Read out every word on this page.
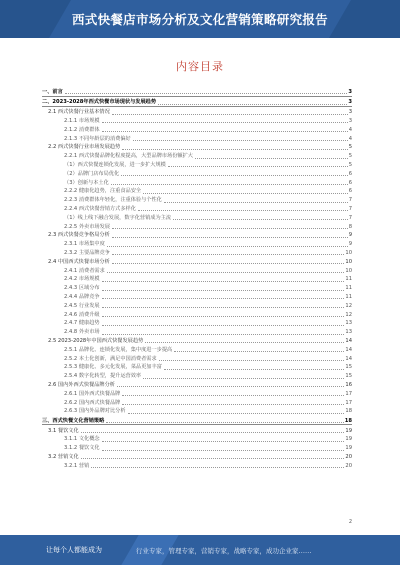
西式快餐店市场分析及文化营销策略研究报告
内容目录
一、前言	3
二、2023-2028年西式快餐市场现状与发展趋势	3
2.1 西式快餐行业基本情况	3
2.1.1 市场规模	3
2.1.2 消费群体	4
2.1.3 不同年龄层的消费偏好	4
2.2 西式快餐行业市场发展趋势	5
2.2.1 西式快餐品牌化程度提高，大型品牌市场份额扩大	5
（1）西式快餐连锁化发展，进一步扩大规模	5
（2）品牌门店布局优化	6
（3）创新与本土化	6
2.2.2 健康化趋势，注重食品安全	6
2.2.3 消费群体年轻化，注重体验与个性化	7
2.2.4 西式快餐营销方式多样化	7
（1）线上线下融合发展，数字化营销成为主流	7
2.2.5 外卖市场发展	8
2.3 西式快餐竞争格局分析	9
2.3.1 市场集中度	9
2.3.2 主要品牌竞争	10
2.4 中国西式快餐市场分析	10
2.4.1 消费者需求	10
2.4.2 市场规模	11
2.4.3 区域分布	11
2.4.4 品牌竞争	11
2.4.5 行业发展	12
2.4.6 消费升级	12
2.4.7 健康趋势	13
2.4.8 外卖市场	13
2.5 2023-2028年中国西式快餐发展趋势	14
2.5.1 品牌化、连锁化发展，集中度进一步提高	14
2.5.2 本土化创新，满足中国消费者需求	14
2.5.3 健康化、多元化发展，菜品更加丰富	15
2.5.4 数字化转型，提升运营效率	15
2.6 国内外西式快餐品牌分析	16
2.6.1 国外西式快餐品牌	17
2.6.2 国内西式快餐品牌	17
2.6.3 国内外品牌对比分析	18
三、西式快餐文化营销策略	18
3.1 餐饮文化	19
3.1.1 文化概念	19
3.1.2 餐饮文化	19
3.2 营销文化	20
3.2.1 营销	20
2
让每个人都能成为	行业专家，管理专家，营销专家，战略专家，成功企业家……
